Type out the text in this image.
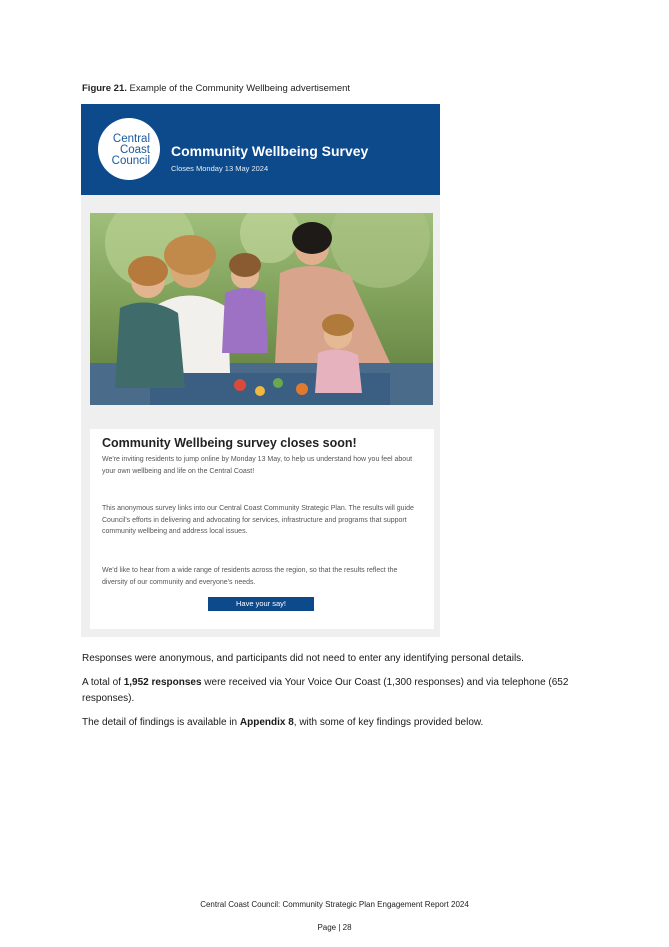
Figure 21. Example of the Community Wellbeing advertisement
Central
Coast
Council
Community Wellbeing Survey
Closes Monday 13 May 2024
Community Wellbeing survey closes soon!

We're inviting residents to jump online by Monday 13 May, to help us understand how you feel about your own wellbeing and life on the Central Coast!

This anonymous survey links into our Central Coast Community Strategic Plan. The results will guide Council's efforts in delivering and advocating for services, infrastructure and programs that support community wellbeing and address local issues.

We'd like to hear from a wide range of residents across the region, so that the results reflect the diversity of our community and everyone's needs.

Have your say!

Responses were anonymous, and participants did not need to enter any identifying personal details.

A total of 1,952 responses were received via Your Voice Our Coast (1,300 responses) and via telephone (652 responses).

The detail of findings is available in Appendix 8, with some of key findings provided below.

Central Coast Council: Community Strategic Plan Engagement Report 2024
Page | 28
